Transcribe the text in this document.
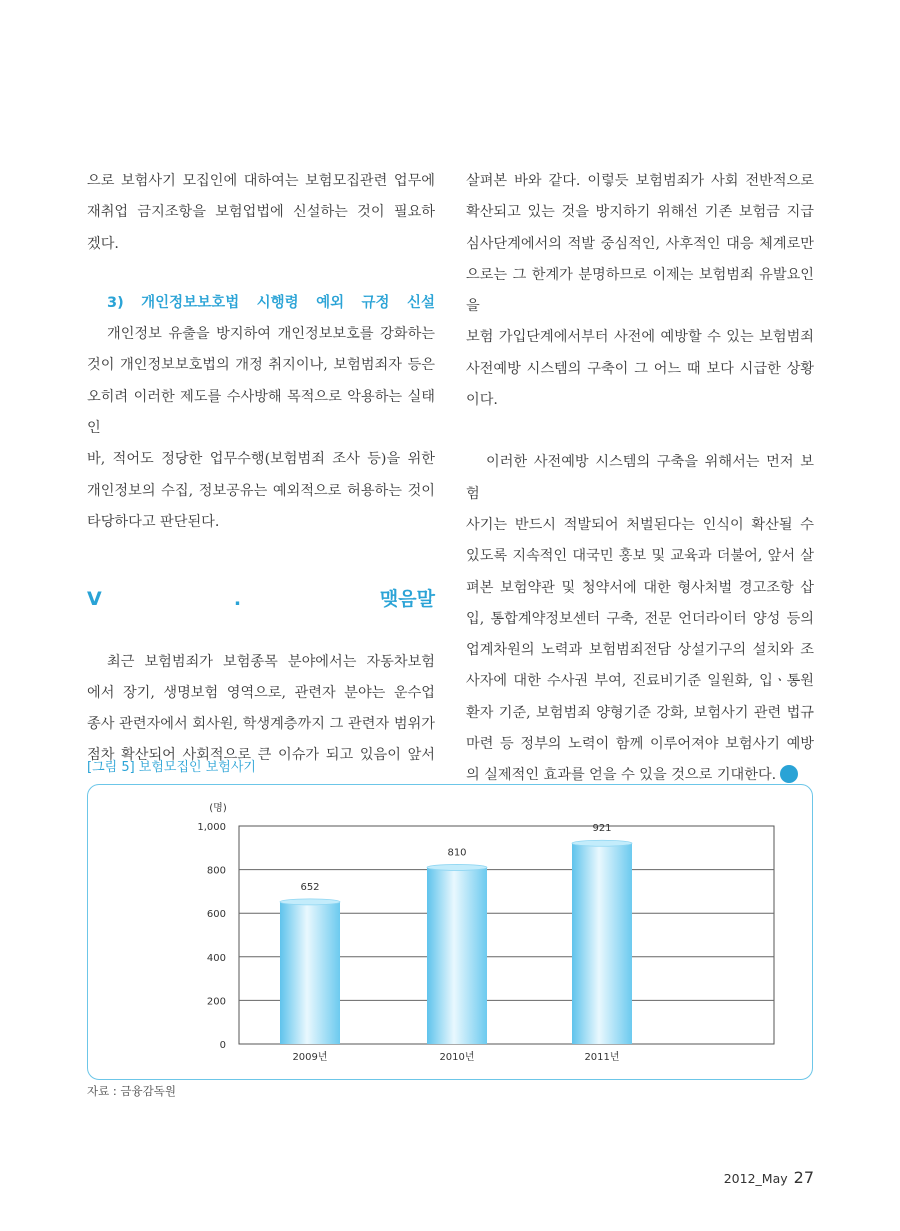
으로 보험사기 모집인에 대하여는 보험모집관련 업무에

재취업 금지조항을 보험업법에 신설하는 것이 필요하

겠다.

3) 개인정보보호법 시행령 예외 규정 신설

개인정보 유출을 방지하여 개인정보보호를 강화하는

것이 개인정보보호법의 개정 취지이나, 보험범죄자 등은

오히려 이러한 제도를 수사방해 목적으로 악용하는 실태인

바, 적어도 정당한 업무수행(보험범죄 조사 등)을 위한

개인정보의 수집, 정보공유는 예외적으로 허용하는 것이

타당하다고 판단된다.

Ⅴ. 맺음말

최근 보험범죄가 보험종목 분야에서는 자동차보험

에서 장기, 생명보험 영역으로, 관련자 분야는 운수업

종사 관련자에서 회사원, 학생계층까지 그 관련자 범위가

점차 확산되어 사회적으로 큰 이슈가 되고 있음이 앞서

살펴본 바와 같다. 이렇듯 보험범죄가 사회 전반적으로

확산되고 있는 것을 방지하기 위해선 기존 보험금 지급

심사단계에서의 적발 중심적인, 사후적인 대응 체계로만

으로는 그 한계가 분명하므로 이제는 보험범죄 유발요인을

보험 가입단계에서부터 사전에 예방할 수 있는 보험범죄

사전예방 시스템의 구축이 그 어느 때 보다 시급한 상황

이다.

이러한 사전예방 시스템의 구축을 위해서는 먼저 보험

사기는 반드시 적발되어 처벌된다는 인식이 확산될 수

있도록 지속적인 대국민 홍보 및 교육과 더불어, 앞서 살

펴본 보험약관 및 청약서에 대한 형사처벌 경고조항 삽

입, 통합계약정보센터 구축, 전문 언더라이터 양성 등의

업계차원의 노력과 보험범죄전담 상설기구의 설치와 조

사자에 대한 수사권 부여, 진료비기준 일원화, 입ㆍ통원

환자 기준, 보험범죄 양형기준 강화, 보험사기 관련 법규

마련 등 정부의 노력이 함께 이루어져야 보험사기 예방

의 실제적인 효과를 얻을 수 있을 것으로 기대한다.

[그림 5] 보험모집인 보험사기

(명)
0
200
400
600
800
1,000
652
810
921
2009년	2010년	2011년

자료 : 금융감독원

2012_May 27
